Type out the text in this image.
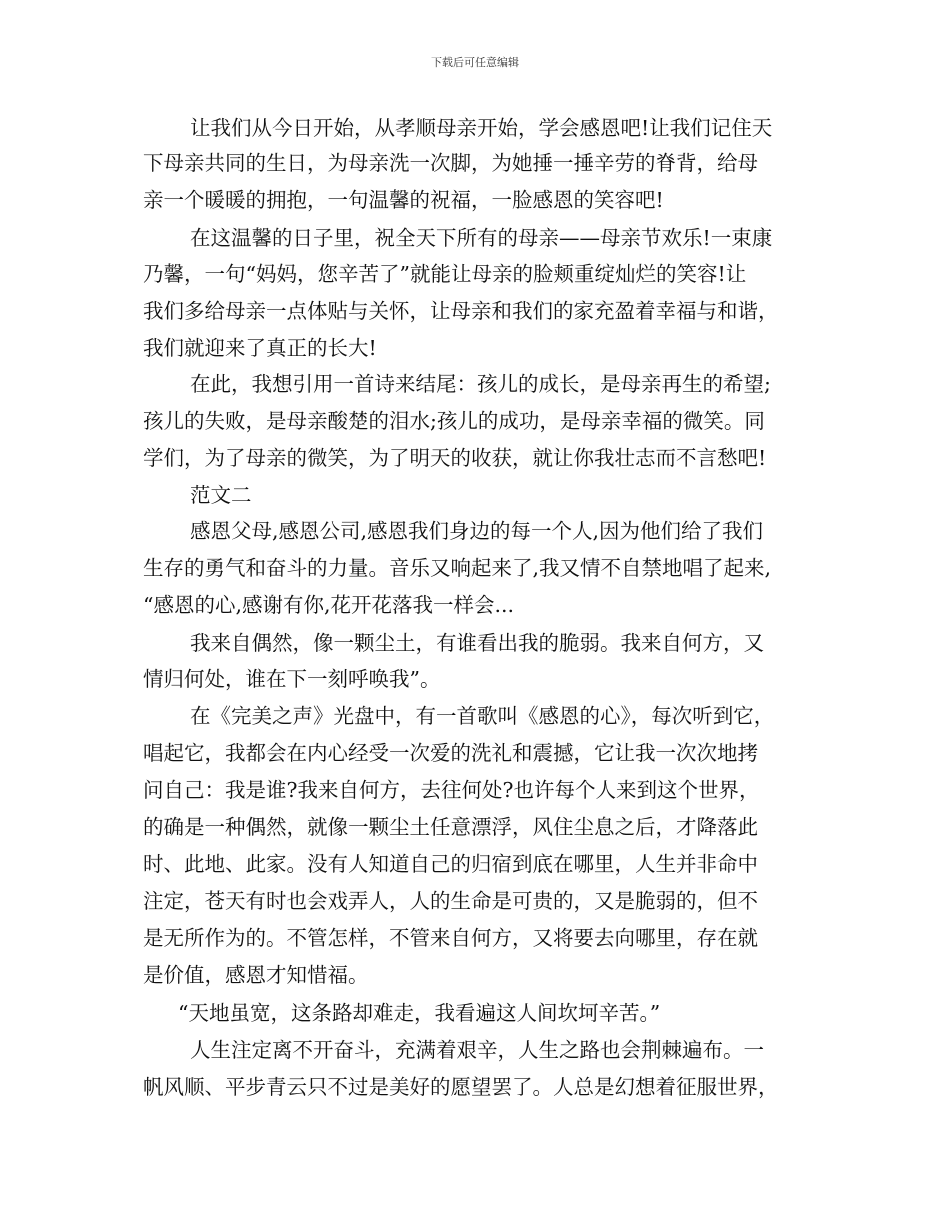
下载后可任意编辑
让我们从今日开始，从孝顺母亲开始，学会感恩吧!让我们记住天
下母亲共同的生日，为母亲洗一次脚，为她捶一捶辛劳的脊背，给母
亲一个暖暖的拥抱，一句温馨的祝福，一脸感恩的笑容吧!
在这温馨的日子里，祝全天下所有的母亲——母亲节欢乐!一束康
乃馨，一句“妈妈，您辛苦了”就能让母亲的脸颊重绽灿烂的笑容!让
我们多给母亲一点体贴与关怀，让母亲和我们的家充盈着幸福与和谐，
我们就迎来了真正的长大!
在此，我想引用一首诗来结尾：孩儿的成长，是母亲再生的希望;
孩儿的失败，是母亲酸楚的泪水;孩儿的成功，是母亲幸福的微笑。同
学们，为了母亲的微笑，为了明天的收获，就让你我壮志而不言愁吧!
范文二
感恩父母,感恩公司,感恩我们身边的每一个人,因为他们给了我们
生存的勇气和奋斗的力量。音乐又响起来了,我又情不自禁地唱了起来,
“感恩的心,感谢有你,花开花落我一样会...
我来自偶然，像一颗尘土，有谁看出我的脆弱。我来自何方，又
情归何处，谁在下一刻呼唤我”。
在《完美之声》光盘中，有一首歌叫《感恩的心》，每次听到它，
唱起它，我都会在内心经受一次爱的洗礼和震撼，它让我一次次地拷
问自己：我是谁?我来自何方，去往何处?也许每个人来到这个世界，
的确是一种偶然，就像一颗尘土任意漂浮，风住尘息之后，才降落此
时、此地、此家。没有人知道自己的归宿到底在哪里，人生并非命中
注定，苍天有时也会戏弄人，人的生命是可贵的，又是脆弱的，但不
是无所作为的。不管怎样，不管来自何方，又将要去向哪里，存在就
是价值，感恩才知惜福。
“天地虽宽，这条路却难走，我看遍这人间坎坷辛苦。”
人生注定离不开奋斗，充满着艰辛，人生之路也会荆棘遍布。一
帆风顺、平步青云只不过是美好的愿望罢了。人总是幻想着征服世界，
